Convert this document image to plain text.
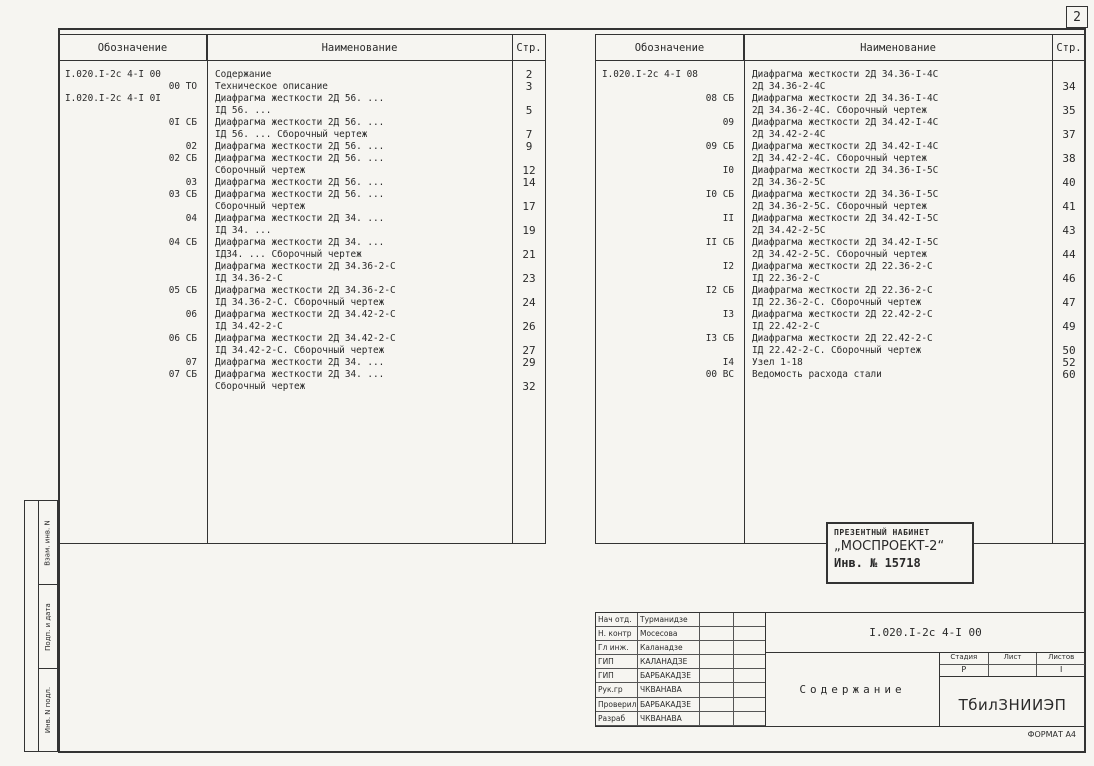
2
Взам. инв. N
Подп. и дата
Инв. N подл.
Обозначение	Наименование	Стр.
I.020.I-2c 4-I 00	Содержание	2
00 ТО	Техническое описание	3
I.020.I-2c 4-I 0I	Диафрагма жесткости 2Д 56. ...
IД 56. ...	5
0I СБ	Диафрагма жесткости 2Д 56. ...
IД 56. ... Сборочный чертеж	7
02	Диафрагма жесткости 2Д 56. ...	9
02 СБ	Диафрагма жесткости 2Д 56. ...
Сборочный чертеж	12
03	Диафрагма жесткости 2Д 56. ...	14
03 СБ	Диафрагма жесткости 2Д 56. ...
Сборочный чертеж	17
04	Диафрагма жесткости 2Д 34. ...
IД 34. ...	19
04 СБ	Диафрагма жесткости 2Д 34. ...
IД34. ... Сборочный чертеж	21
Диафрагма жесткости 2Д 34.36-2-С
IД 34.36-2-С	23
05 СБ	Диафрагма жесткости 2Д 34.36-2-С
IД 34.36-2-С. Сборочный чертеж	24
06	Диафрагма жесткости 2Д 34.42-2-С
IД 34.42-2-С	26
06 СБ	Диафрагма жесткости 2Д 34.42-2-С
IД 34.42-2-С. Сборочный чертеж	27
07	Диафрагма жесткости 2Д 34. ...	29
07 СБ	Диафрагма жесткости 2Д 34. ...
Сборочный чертеж	32
Обозначение	Наименование	Стр.
I.020.I-2c 4-I 08	Диафрагма жесткости 2Д 34.36-I-4С
2Д 34.36-2-4С	34
08 СБ	Диафрагма жесткости 2Д 34.36-I-4С
2Д 34.36-2-4С. Сборочный чертеж	35
09	Диафрагма жесткости 2Д 34.42-I-4С
2Д 34.42-2-4С	37
09 СБ	Диафрагма жесткости 2Д 34.42-I-4С
2Д 34.42-2-4С. Сборочный чертеж	38
I0	Диафрагма жесткости 2Д 34.36-I-5С
2Д 34.36-2-5С	40
I0 СБ	Диафрагма жесткости 2Д 34.36-I-5С
2Д 34.36-2-5С. Сборочный чертеж	41
II	Диафрагма жесткости 2Д 34.42-I-5С
2Д 34.42-2-5С	43
II СБ	Диафрагма жесткости 2Д 34.42-I-5С
2Д 34.42-2-5С. Сборочный чертеж	44
I2	Диафрагма жесткости 2Д 22.36-2-С
IД 22.36-2-С	46
I2 СБ	Диафрагма жесткости 2Д 22.36-2-С
IД 22.36-2-С. Сборочный чертеж	47
I3	Диафрагма жесткости 2Д 22.42-2-С
IД 22.42-2-С	49
I3 СБ	Диафрагма жесткости 2Д 22.42-2-С
IД 22.42-2-С. Сборочный чертеж	50
I4	Узел 1-18	52
00 ВС	Ведомость расхода стали	60
ПРЕЗЕНТНЫЙ НАБИНЕТ
„МОСПРОЕКТ-2“
Инв. № 15718
Нач отд.	Турманидзе
Н. контр	Мосесова
Гл инж.	Каланадзе
ГИП	КАЛАНАДЗЕ
ГИП	БАРБАКАДЗЕ
Рук.гр	ЧКВАНАВА
Проверил БАРБАКАДЗЕ
Разраб	ЧКВАНАВА
I.020.I-2c 4-I 00
Содержание
Стадия	Лист	Листов
Р	I
ТбилЗНИИЭП
ФОРМАТ А4
